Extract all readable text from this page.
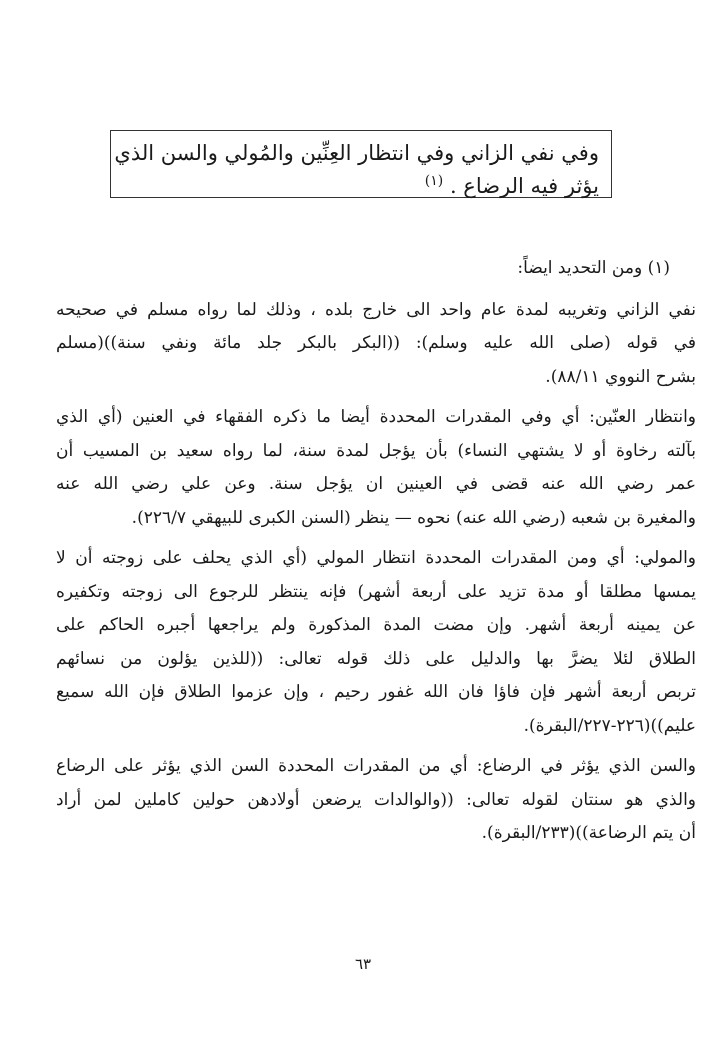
وفي نفي الزاني وفي انتظار العِنِّين والمُولي والسن الذي
يؤثر فيه الرضاع . $^{(١)}$
(١) ومن التحديد ايضاً:
نفي الزاني وتغريبه لمدة عام واحد الى خارج بلده ، وذلك لما رواه مسلم في صحيحه
في قوله (صلى الله عليه وسلم): ((البكر بالبكر جلد مائة ونفي سنة))(مسلم
بشرح النووي ٨٨/١١).
وانتظار العنّين: أي وفي المقدرات المحددة أيضا ما ذكره الفقهاء في العنين (أي الذي
بآلته رخاوة أو لا يشتهي النساء) بأن يؤجل لمدة سنة، لما رواه سعيد بن المسيب أن
عمر رضي الله عنه قضى في العينين ان يؤجل سنة. وعن علي رضي الله عنه
والمغيرة بن شعبه (رضي الله عنه) نحوه — ينظر (السنن الكبرى للبيهقي ٢٢٦/٧).
والمولي: أي ومن المقدرات المحددة انتظار المولي (أي الذي يحلف على زوجته أن لا
يمسها مطلقا أو مدة تزيد على أربعة أشهر) فإنه ينتظر للرجوع الى زوجته وتكفيره
عن يمينه أربعة أشهر. وإن مضت المدة المذكورة ولم يراجعها أجبره الحاكم على
الطلاق لئلا يضرَّ بها والدليل على ذلك قوله تعالى: ((للذين يؤلون من نسائهم
تربص أربعة أشهر فإن فاؤا فان الله غفور رحيم ، وإن عزموا الطلاق فإن الله سميع
عليم))(٢٢٦-٢٢٧/البقرة).
والسن الذي يؤثر في الرضاع: أي من المقدرات المحددة السن الذي يؤثر على الرضاع
والذي هو سنتان لقوله تعالى: ((والوالدات يرضعن أولادهن حولين كاملين لمن أراد
أن يتم الرضاعة))(٢٣٣/البقرة).
٦٣
